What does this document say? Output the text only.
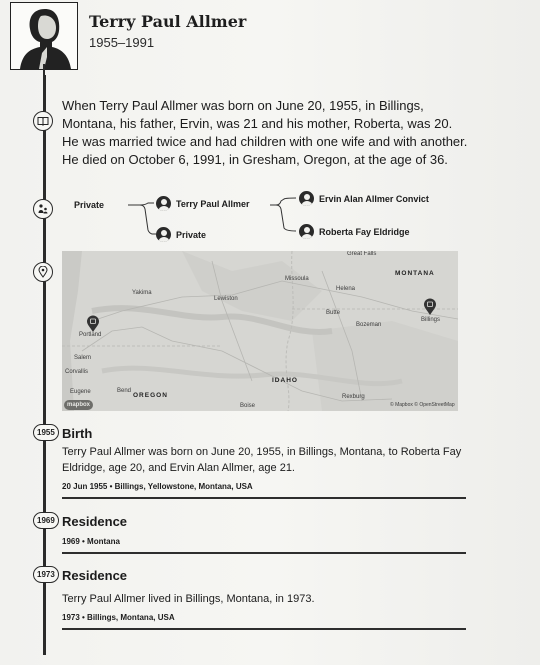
Terry Paul Allmer
1955–1991
When Terry Paul Allmer was born on June 20, 1955, in Billings, Montana, his father, Ervin, was 21 and his mother, Roberta, was 20. He was married twice and had children with one wife and with another. He died on October 6, 1991, in Gresham, Oregon, at the age of 36.
Private	Terry Paul Allmer
Private
Ervin Alan Allmer Convict
Roberta Fay Eldridge
Great Falls
MONTANA
Missoula
Helena
Yakima
Lewiston
Butte
Bozeman
Billings
Portland
Salem
Corvallis
IDAHO
Eugene	Bend
OREGON
Boise
Rexburg
© Mapbox © OpenStreetMap
mapbox
1955 Birth
Terry Paul Allmer was born on June 20, 1955, in Billings, Montana, to Roberta Fay Eldridge, age 20, and Ervin Alan Allmer, age 21.
20 Jun 1955 • Billings, Yellowstone, Montana, USA
1969 Residence
1969 • Montana
1973 Residence
Terry Paul Allmer lived in Billings, Montana, in 1973.
1973 • Billings, Montana, USA
